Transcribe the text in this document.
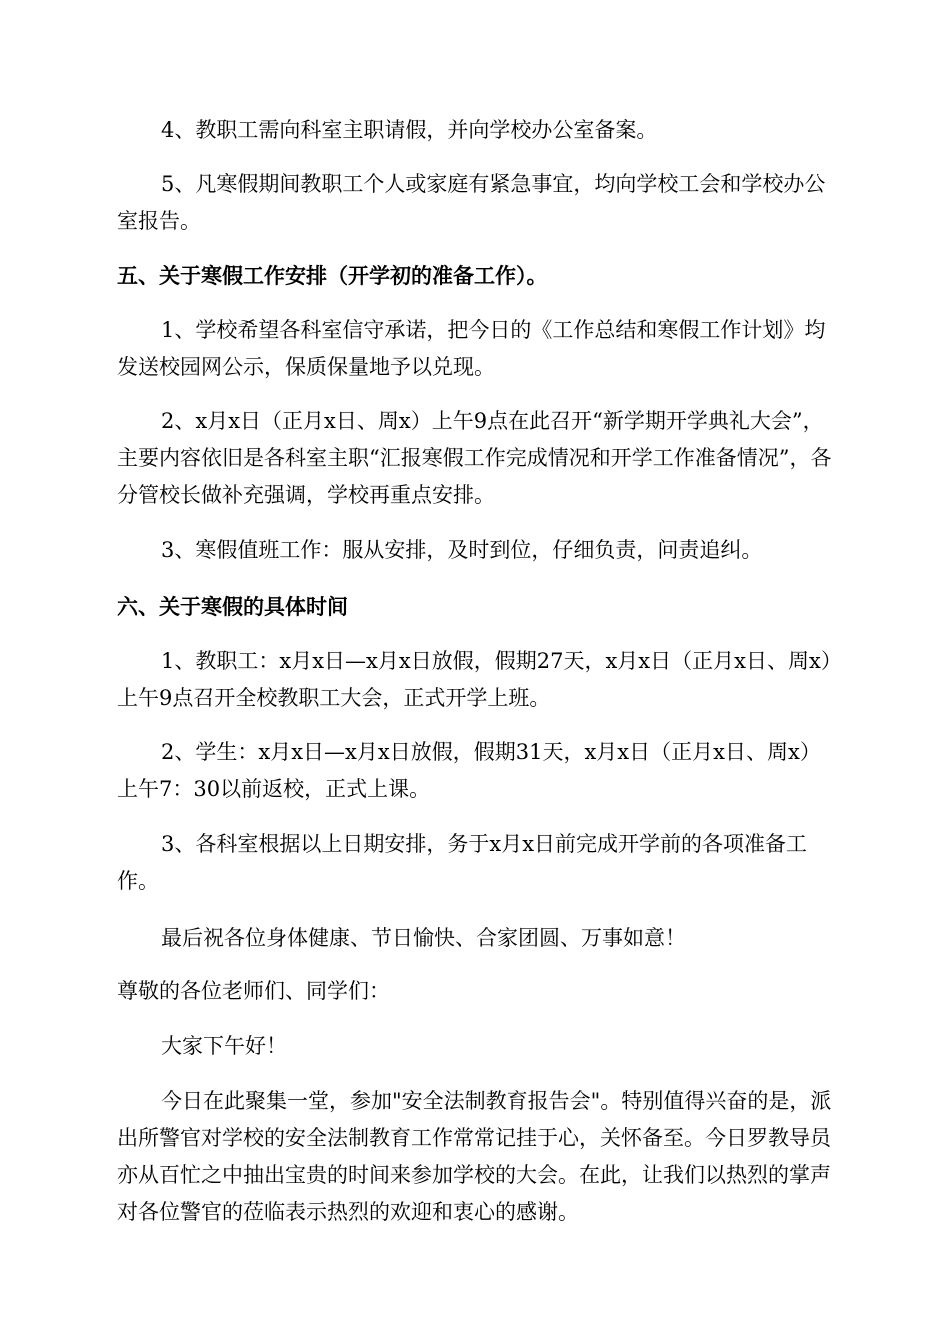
4、教职工需向科室主职请假，并向学校办公室备案。

5、凡寒假期间教职工个人或家庭有紧急事宜，均向学校工会和学校办公室报告。

五、关于寒假工作安排（开学初的准备工作）。

1、学校希望各科室信守承诺，把今日的《工作总结和寒假工作计划》均发送校园网公示，保质保量地予以兑现。

2、x月x日（正月x日、周x）上午9点在此召开“新学期开学典礼大会”，主要内容依旧是各科室主职“汇报寒假工作完成情况和开学工作准备情况”，各分管校长做补充强调，学校再重点安排。

3、寒假值班工作：服从安排，及时到位，仔细负责，问责追纠。

六、关于寒假的具体时间

1、教职工：x月x日—x月x日放假，假期27天，x月x日（正月x日、周x）上午9点召开全校教职工大会，正式开学上班。

2、学生：x月x日—x月x日放假，假期31天，x月x日（正月x日、周x）上午7：30以前返校，正式上课。

3、各科室根据以上日期安排，务于x月x日前完成开学前的各项准备工作。

最后祝各位身体健康、节日愉快、合家团圆、万事如意！

尊敬的各位老师们、同学们：

大家下午好！

今日在此聚集一堂，参加"安全法制教育报告会"。特别值得兴奋的是，派出所警官对学校的安全法制教育工作常常记挂于心，关怀备至。今日罗教导员亦从百忙之中抽出宝贵的时间来参加学校的大会。在此，让我们以热烈的掌声对各位警官的莅临表示热烈的欢迎和衷心的感谢。
